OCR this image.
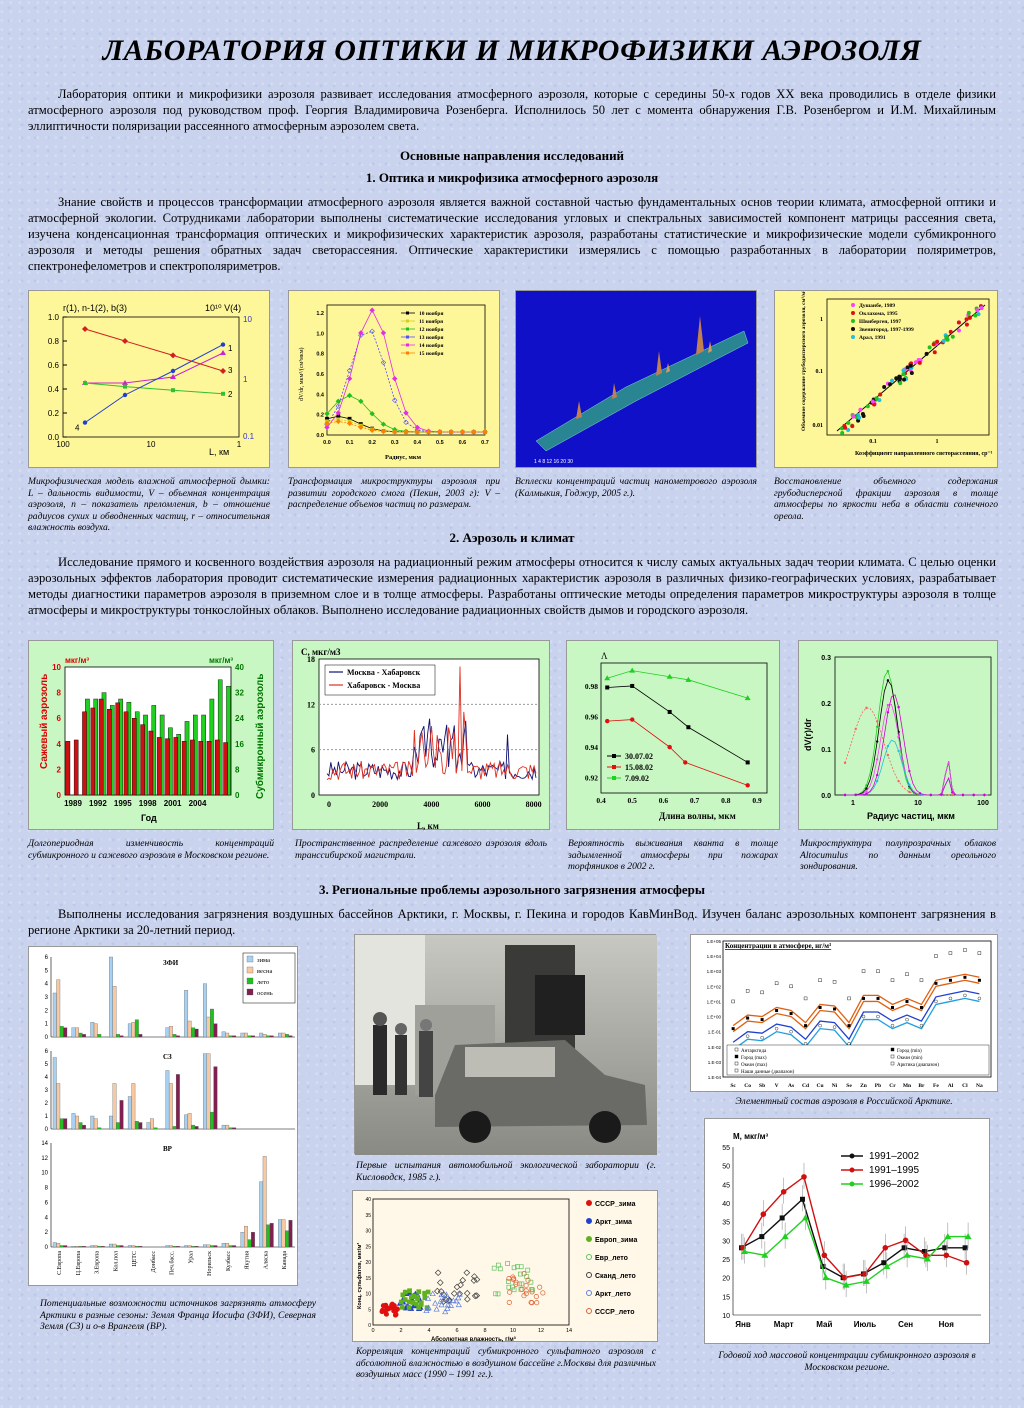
ЛАБОРАТОРИЯ ОПТИКИ И МИКРОФИЗИКИ АЭРОЗОЛЯ
Лаборатория оптики и микрофизики аэрозоля развивает исследования атмосферного аэрозоля, которые с середины 50-х годов XX века проводились в отделе физики атмосферного аэрозоля под руководством проф. Георгия Владимировича Розенберга. Исполнилось 50 лет с момента обнаружения Г.В. Розенбергом и И.М. Михайлиным эллиптичности поляризации рассеянного атмосферным аэрозолем света.
Основные направления исследований
1. Оптика и микрофизика атмосферного аэрозоля
Знание свойств и процессов трансформации атмосферного аэрозоля является важной составной частью фундаментальных основ теории климата, атмосферной оптики и атмосферной экологии. Сотрудниками лаборатории выполнены систематические исследования угловых и спектральных зависимостей компонент матрицы рассеяния света, изучена конденсационная трансформация оптических и микрофизических характеристик аэрозоля, разработаны статистические и микрофизические модели субмикронного аэрозоля и методы решения обратных задач светорассеяния. Оптические характеристики измерялись с помощью разработанных в лаборатории поляриметров, спектронефелометров и спектрополяриметров.
r(1), n-1(2), b(3)	10¹⁰ V(4)
1.0
0.8
0.6
0.4
0.2
0.0
10
1
0.1
100	10	1
1
2
3
4
L, км
Микрофизическая модель влажной атмосферной дымки: L – дальность видимости, V – объемная концентрация аэрозоля, n – показатель преломления, b – отношение радиусов сухих и обводненных частиц, r – относительная влажность воздуха.
dV/dr, мкм³/(см³мкм)
Радиус, мкм
0.0	0.1	0.2	0.3	0.4	0.5	0.6	0.7
1.2
1.0
0.8
0.6
0.4
0.2
0.0
10 ноября
11 ноября
12 ноября
13 ноября
14 ноября
15 ноября
Трансформация микроструктуры аэрозоля при развитии городского смога (Пекин, 2003 г): V – распределение объемов частиц по размерам.
1 4 8 12 16 20 30
Всплески концентраций частиц нанометрового аэрозоля (Калмыкия, Годжур, 2005 г.).
Объемное содержание грубодисперсного аэрозоля, см³/м²
Коэффициент направленного светорассеяния, ср⁻¹
1
0.1
0.01
0.1	1
Душанбе, 1989
Оклахома, 1995
Швиберген, 1997
Звенигород, 1997-1999
Арал, 1991
Восстановление объемного содержания грубодисперсной фракции аэрозоля в толще атмосферы по яркости неба в области солнечного ореола.
2. Аэрозоль и климат
Исследование прямого и косвенного воздействия аэрозоля на радиационный режим атмосферы относится к числу самых актуальных задач теории климата. С целью оценки аэрозольных эффектов лаборатория проводит систематические измерения радиационных характеристик аэрозоля в различных физико-географических условиях, разрабатывает методы диагностики параметров аэрозоля в приземном слое и в толще атмосферы. Разработаны оптические методы определения параметров микроструктуры аэрозоля в толще атмосферы и микроструктуры тонкослойных облаков. Выполнено исследование радиационных свойств дымов и городского аэрозоля.
мкг/м³	мкг/м³
Сажевый аэрозоль	Субмикронный аэрозоль
10
8
6
4
2
0
40
32
24
16
8
0
1989 1992 1995 1998 2001 2004
Год
Долгопериодная изменчивость концентраций субмикронного и сажевого аэрозоля в Московском регионе.
С, мкг/м3
18
12
6
0
0	2000	4000	6000	8000
Москва - Хабаровск
Хабаровск - Москва
L, км
Пространственное распределение сажевого аэрозоля вдоль транссибирской магистрали.
Λ
0.4	0.5	0.6	0.7	0.8	0.9
0.98
0.96
0.94
0.92
30.07.02
15.08.02
7.09.02
Длина волны, мкм
Вероятность выживания кванта в толще задымленной атмосферы при пожарах торфяников в 2002 г.
dV(r)/dr
0.3
0.2
0.1
0.0
1	10	100
Радиус частиц, мкм
Микроструктура полупрозрачных облаков Altocumulus по данным ореольного зондирования.
3. Региональные проблемы аэрозольного загрязнения атмосферы
Выполнены исследования загрязнения воздушных бассейнов Арктики, г. Москвы, г. Пекина и городов КавМинВод. Изучен баланс аэрозольных компонент загрязнения в регионе Арктики за 20-летний период.
6
5
4
3
2
1
0
ЗФИ
6
5
4
3
2
1
0
СЗ
14
12
10
8
6
4
2
0
ВР
зима
весна
лето
осень
С.Европа Ц.Европа З.Европа Кол.пол ЦЕТС Донбасс Печ.басс. Урал Норильск Кузбасс Якутия Аляска Канада
Потенциальные возможности источников загрязнять атмосферу Арктики в разные сезоны: Земля Франца Иосифа (ЗФИ), Северная Земля (СЗ) и о-в Врангеля (ВР).
Первые испытания автомобильной экологической заборатории (г. Кисловодск, 1985 г.).
Конц. сульфатов, мкг/м³
Абсолютная влажность, г/м³
0	2	4	6	8	10	12	14
0
5
10
15
20
25
30
35
40
СССР_зима
Аркт_зима
Европ_зима
Евр_лето
Сканд_лето
Аркт_лето
СССР_лето
Корреляция концентраций субмикронного сульфатного аэрозоля с абсолютной влажностью в воздушном бассейне г.Москвы для различных воздушных масс (1990 – 1991 гг.).
Концентрации в атмосфере, нг/м³
1.E+05
1.E+04
1.E+03
1.E+02
1.E+01
1.E+00
1.E-01
1.E-02
1.E-03
1.E-04
Sc Co Sb V As Cd Cu Ni Se Zn Pb Cr Mn Br Fe Al Cl Na
Антарктида
Город (max)
Океан (max)
Наши данные (диапазон)
Город (min)
Океан (min)
Арктика (диапазон)
Элементный состав аэрозоля в Российской Арктике.
М, мкг/м³
55
50
45
40
35
30
25
20
15
10
Янв	Март	Май	Июль	Сен	Ноя
1991–2002
1991–1995
1996–2002
Годовой ход массовой концентрации субмикронного аэрозоля в Московском регионе.
